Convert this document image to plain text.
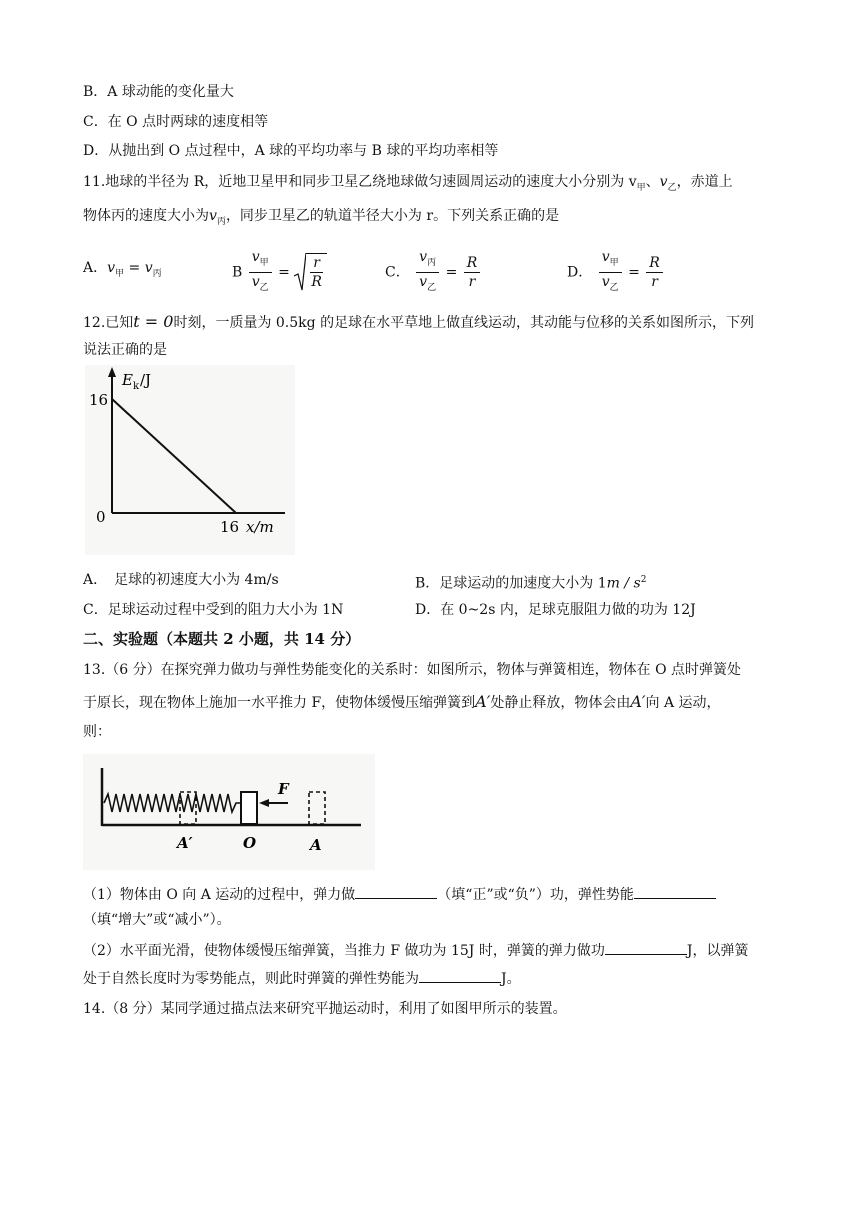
B．A 球动能的变化量大
C．在 O 点时两球的速度相等
D．从抛出到 O 点过程中，A 球的平均功率与 B 球的平均功率相等
11.地球的半径为 R，近地卫星甲和同步卫星乙绕地球做匀速圆周运动的速度大小分别为 $v_甲$、$v_乙$，赤道上
物体丙的速度大小为$v_丙$，同步卫星乙的轨道半径大小为 r。下列关系正确的是
A．$v_甲 = v_丙$	B $\frac{v_甲}{v_乙} = \frac{r}{R}$	C． $\frac{v_丙}{v_乙} = \frac{R}{r}$	D． $\frac{v_甲}{v_乙} = \frac{R}{r}$
12.已知t = 0时刻，一质量为 0.5kg 的足球在水平草地上做直线运动，其动能与位移的关系如图所示，下列
说法正确的是
E k /J
16
0
16 x/m
A．　足球的初速度大小为 4m/s	B．足球运动的加速度大小为 $1m / s^2$
C．足球运动过程中受到的阻力大小为 1N	D．在 0~2s 内，足球克服阻力做的功为 12J
二、实验题（本题共 2 小题，共 14 分）
13.（6 分）在探究弹力做功与弹性势能变化的关系时：如图所示，物体与弹簧相连，物体在 O 点时弹簧处
于原长，现在物体上施加一水平推力 F，使物体缓慢压缩弹簧到A′处静止释放，物体会由A′向 A 运动，
则：
F
A′	O	A
（1）物体由 O 向 A 运动的过程中，弹力做	（填“正”或“负”）功，弹性势能
（填“增大”或“减小”）。
（2）水平面光滑，使物体缓慢压缩弹簧，当推力 F 做功为 15J 时，弹簧的弹力做功	J，以弹簧
处于自然长度时为零势能点，则此时弹簧的弹性势能为	J。
14.（8 分）某同学通过描点法来研究平抛运动时，利用了如图甲所示的装置。
